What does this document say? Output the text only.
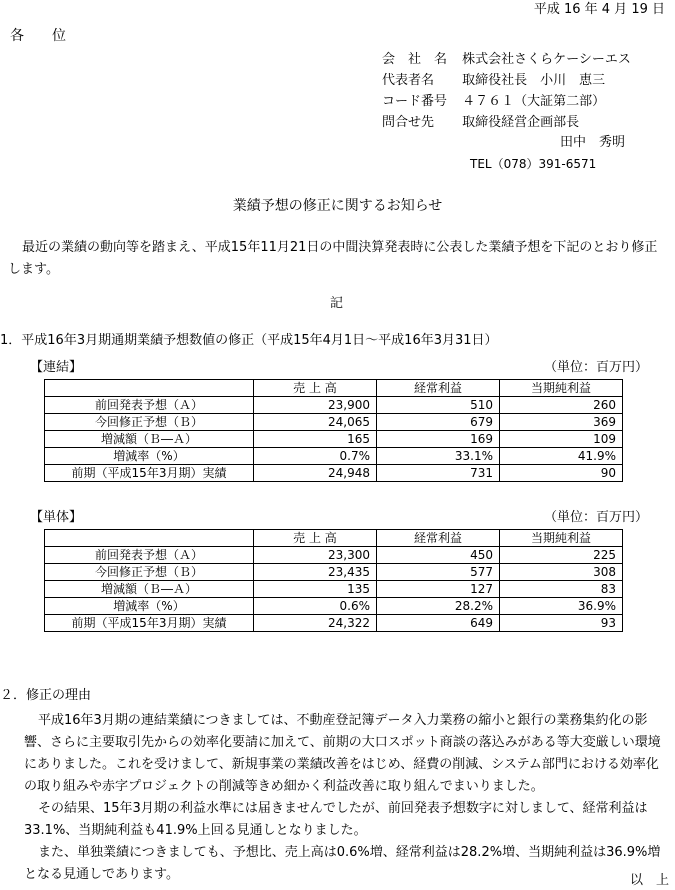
平成 16 年 4 月 19 日
各　　位
会　社　名 株式会社さくらケーシーエス
代表者名 取締役社長　小川　恵三
コード番号 ４７６１（大証第二部）
問合せ先 取締役経営企画部長
田中　秀明
TEL（078）391-6571
業績予想の修正に関するお知らせ
最近の業績の動向等を踏まえ、平成15年11月21日の中間決算発表時に公表した業績予想を下記のとおり修正します。
記
1．平成16年3月期通期業績予想数値の修正（平成15年4月1日～平成16年3月31日）
【連結】	（単位：百万円）
	売 上 高	経常利益	当期純利益
前回発表予想（Ａ）	23,900	510	260
今回修正予想（Ｂ）	24,065	679	369
増減額（Ｂ―Ａ）	165	169	109
増減率（%）	0.7%	33.1%	41.9%
前期（平成15年3月期）実績	24,948	731	90
【単体】	（単位：百万円）
	売 上 高	経常利益	当期純利益
前回発表予想（Ａ）	23,300	450	225
今回修正予想（Ｂ）	23,435	577	308
増減額（Ｂ―Ａ）	135	127	83
増減率（%）	0.6%	28.2%	36.9%
前期（平成15年3月期）実績	24,322	649	93
２．修正の理由

平成16年3月期の連結業績につきましては、不動産登記簿データ入力業務の縮小と銀行の業務集約化の影響、さらに主要取引先からの効率化要請に加えて、前期の大口スポット商談の落込みがある等大変厳しい環境にありました。これを受けまして、新規事業の業績改善をはじめ、経費の削減、システム部門における効率化の取り組みや赤字プロジェクトの削減等きめ細かく利益改善に取り組んでまいりました。

その結果、15年3月期の利益水準には届きませんでしたが、前回発表予想数字に対しまして、経常利益は33.1%、当期純利益も41.9%上回る見通しとなりました。

また、単独業績につきましても、予想比、売上高は0.6%増、経常利益は28.2%増、当期純利益は36.9%増となる見通しであります。	以　上
